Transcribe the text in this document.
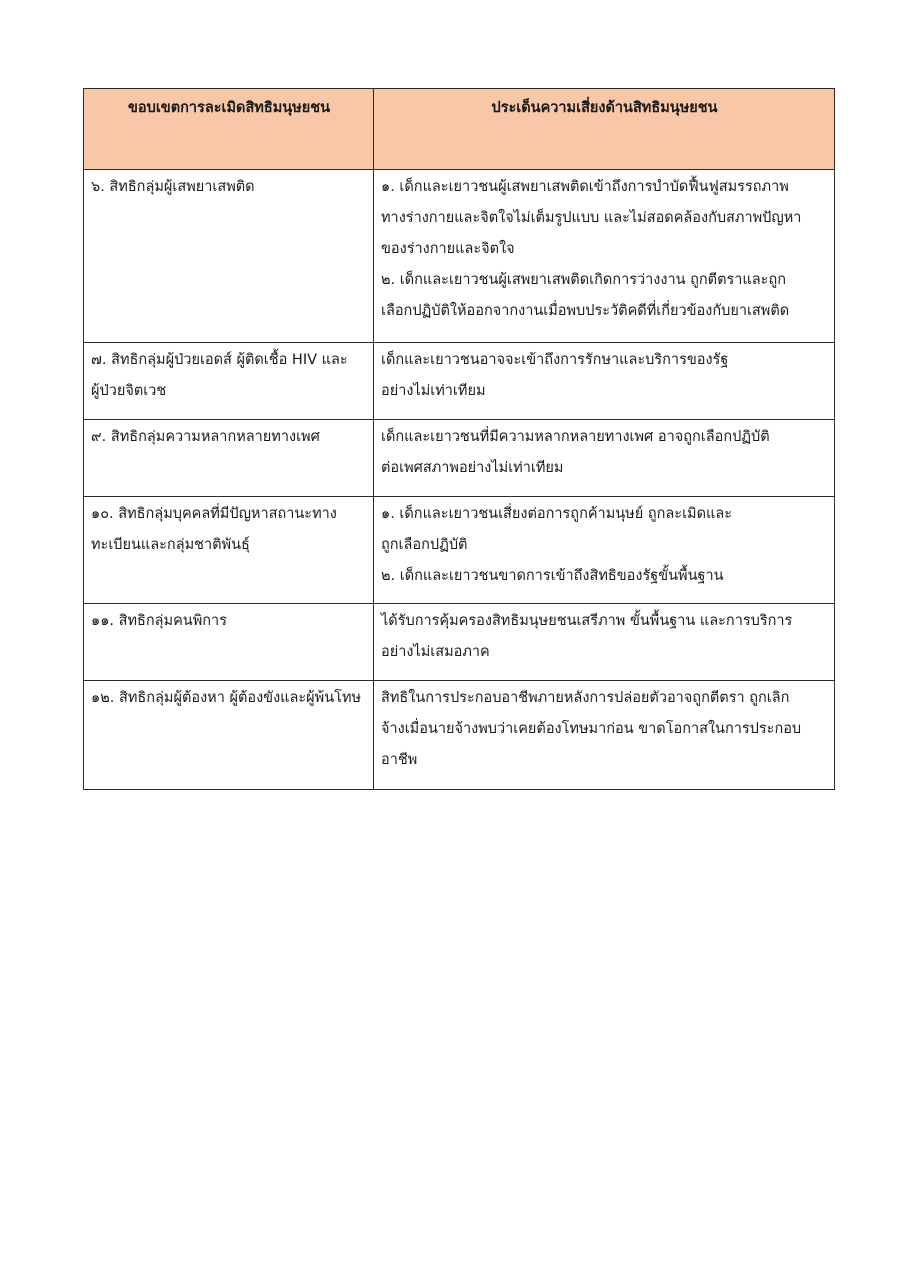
ขอบเขตการละเมิดสิทธิมนุษยชน	ประเด็นความเสี่ยงด้านสิทธิมนุษยชน

๖. สิทธิกลุ่มผู้เสพยาเสพติด	๑. เด็กและเยาวชนผู้เสพยาเสพติดเข้าถึงการบำบัดฟื้นฟูสมรรถภาพ
ทางร่างกายและจิตใจไม่เต็มรูปแบบ และไม่สอดคล้องกับสภาพปัญหา
ของร่างกายและจิตใจ
๒. เด็กและเยาวชนผู้เสพยาเสพติดเกิดการว่างงาน ถูกตีตราและถูก
เลือกปฏิบัติให้ออกจากงานเมื่อพบประวัติคดีที่เกี่ยวข้องกับยาเสพติด

๗. สิทธิกลุ่มผู้ป่วยเอดส์ ผู้ติดเชื้อ HIV และ
ผู้ป่วยจิตเวช	เด็กและเยาวชนอาจจะเข้าถึงการรักษาและบริการของรัฐ
อย่างไม่เท่าเทียม

๙. สิทธิกลุ่มความหลากหลายทางเพศ	เด็กและเยาวชนที่มีความหลากหลายทางเพศ อาจถูกเลือกปฏิบัติ
ต่อเพศสภาพอย่างไม่เท่าเทียม

๑๐. สิทธิกลุ่มบุคคลที่มีปัญหาสถานะทาง
ทะเบียนและกลุ่มชาติพันธุ์	๑. เด็กและเยาวชนเสี่ยงต่อการถูกค้ามนุษย์ ถูกละเมิดและ
ถูกเลือกปฏิบัติ
๒. เด็กและเยาวชนขาดการเข้าถึงสิทธิของรัฐขั้นพื้นฐาน

๑๑. สิทธิกลุ่มคนพิการ	ได้รับการคุ้มครองสิทธิมนุษยชนเสรีภาพ ขั้นพื้นฐาน และการบริการ
อย่างไม่เสมอภาค

๑๒. สิทธิกลุ่มผู้ต้องหา ผู้ต้องขังและผู้พ้นโทษ	สิทธิในการประกอบอาชีพภายหลังการปล่อยตัวอาจถูกตีตรา ถูกเลิก
จ้างเมื่อนายจ้างพบว่าเคยต้องโทษมาก่อน ขาดโอกาสในการประกอบ
อาชีพ
